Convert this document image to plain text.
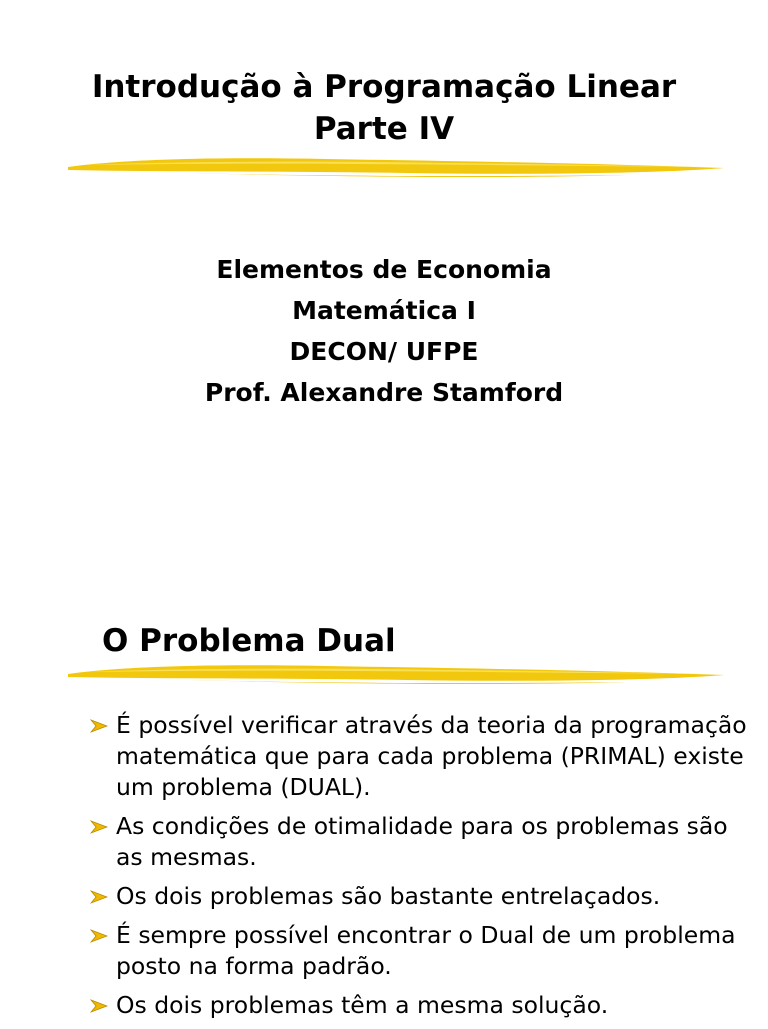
Introdução à Programação Linear
Parte IV
Elementos de Economia
Matemática I
DECON/ UFPE
Prof. Alexandre Stamford
O Problema Dual
É possível verificar através da teoria da programação matemática que para cada problema (PRIMAL) existe um problema (DUAL).
As condições de otimalidade para os problemas são as mesmas.
Os dois problemas são bastante entrelaçados.
É sempre possível encontrar o Dual de um problema posto na forma padrão.
Os dois problemas têm a mesma solução.
